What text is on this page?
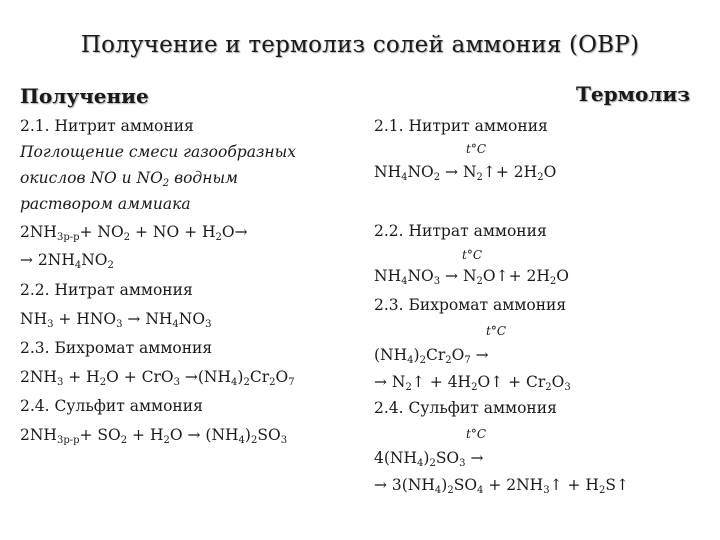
Получение и термолиз солей аммония (ОВР)
Получение	Термолиз
2.1. Нитрит аммония
Поглощение смеси газообразных
окислов NO и $NO_2$ водным
раствором аммиака
$2NH_{3р-р}+ NO_2$ + NO + $H_2O\to$
→ $2NH_4NO_2$
2.2. Нитрат аммония
$NH_3 + HNO_3 \to NH_4NO_3$
2.3. Бихромат аммония
$2NH_3 + H_2O + CrO_3 \to(NH_4)_2Cr_2O_7$
2.4. Сульфит аммония
$2NH_{3р-р}+ SO_2 + H_2O \to (NH_4)_2SO_3$
2.1. Нитрит аммония
t°C
$NH_4NO_2$ → $N_2↑+ 2H_2O$
2.2. Нитрат аммония
t°C
$NH_4NO_3$ → $N_2O↑+ 2H_2O$
2.3. Бихромат аммония
t°C
$(NH_4)_2Cr_2O_7$ →
→ $N_2↑$ + $4H_2O↑ + Cr_2O_3$
2.4. Сульфит аммония
t°C
$4(NH_4)_2SO_3$ →
→ $3(NH_4)_2SO_4$ + $2NH_3↑$ + $H_2S↑$
